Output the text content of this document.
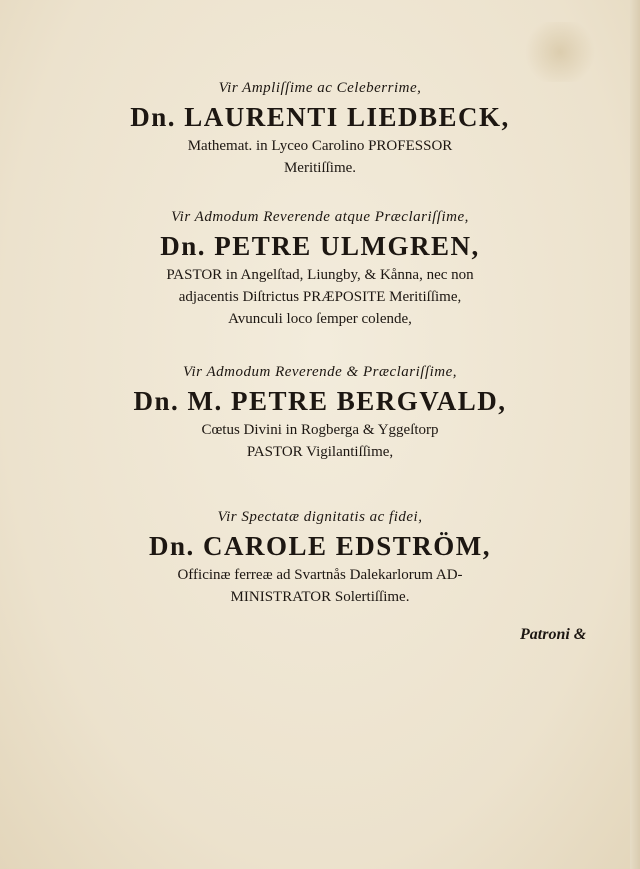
Vir Ampliſſime ac Celeberrime,
Dn. LAURENTI LIEDBECK,
Mathemat. in Lyceo Carolino PROFESSOR
Meritiſſime.
Vir Admodum Reverende atque Præclariſſime,
Dn. PETRE ULMGREN,
PASTOR in Angelſtad, Liungby, & Kånna, nec non
adjacentis Diſtrictus PRÆPOSITE Meritiſſime,
Avunculi loco ſemper colende,
Vir Admodum Reverende & Præclariſſime,
Dn. M. PETRE BERGVALD,
Cœtus Divini in Rogberga & Yggeſtorp
PASTOR Vigilantiſſime,
Vir Spectatæ dignitatis ac fidei,
Dn. CAROLE EDSTRÖM,
Officinæ ferreæ ad Svartnås Dalekarlorum AD-
MINISTRATOR Solertiſſime.
Patroni &
